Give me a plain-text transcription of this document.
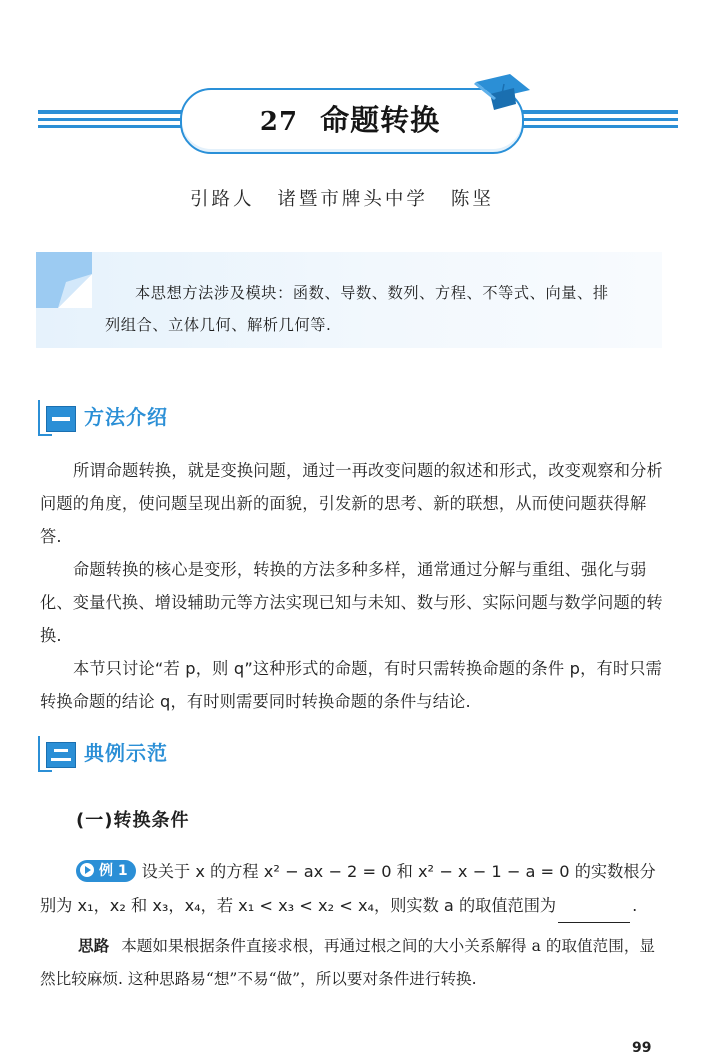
27 命题转换
引路人 诸暨市牌头中学 陈坚

本思想方法涉及模块：函数、导数、数列、方程、不等式、向量、排

列组合、立体几何、解析几何等.

方法介绍

所谓命题转换，就是变换问题，通过一再改变问题的叙述和形式，改变观察和分析问题的角度，使问题呈现出新的面貌，引发新的思考、新的联想，从而使问题获得解答.

命题转换的核心是变形，转换的方法多种多样，通常通过分解与重组、强化与弱化、变量代换、增设辅助元等方法实现已知与未知、数与形、实际问题与数学问题的转换.

本节只讨论“若 p，则 q”这种形式的命题，有时只需转换命题的条件 p，有时只需转换命题的结论 q，有时则需要同时转换命题的条件与结论.

典例示范
(一)转换条件
例 1 设关于 x 的方程 x² − ax − 2 = 0 和 x² − x − 1 − a = 0 的实数根分
别为 x₁，x₂ 和 x₃，x₄，若 x₁ < x₃ < x₂ < x₄，则实数 a 的取值范围为	.

思路 本题如果根据条件直接求根，再通过根之间的大小关系解得 a 的取值范围，显然比较麻烦. 这种思路易“想”不易“做”，所以要对条件进行转换.

99
